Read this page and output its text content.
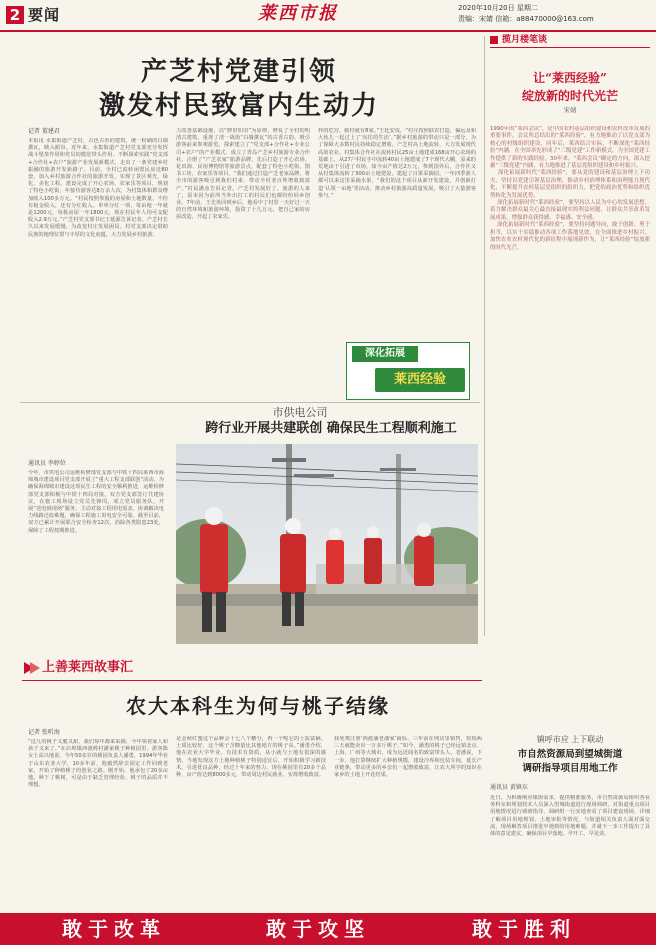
2 要闻	莱西市报	2020年10月20日 星期二
责编：宋婧 信箱：a88470000@163.com
产芝村党建引领
激发村民致富内生动力
记者 董建君
本报讯 水集街道产芝村，古色古香的建筑，统一粉刷的白墙黛瓦，映入眼帘。近年来，水集街道产芝村党支部充分发挥战斗堡垒作用和党员的模范带头作用，不断探索实践“党支部+合作社+农户”旅游产业发展新模式，走出了一条党建乡村振融的旅游开发新路子。目前，全村已流转闲置民房近80套，加入乡村旅游合作社的旅游开发，实现了景区观光、绿化、美化工程。建设完成了开心农场、农家乐等项目，规划了特色小吃街，年接待游客达8万余人次，为村集体和群众增加收入100多万元。“村民按照参股的房屋和土地数量，不但有租金收入，还有分红收入。单单分红一项，每亩地一年就是1200元，每栋房屋一年1800元，现在村民年人均可支配收入2.9万元。”产芝村党支部书记王延源告诉记者。产芝村长久以来发展缓慢，为改变村庄发展困局，村党支部决定借助民族的地理位置与丰厚的文化底蕴，大力发展乡村旅游。
力改善基础设施，以“修旧如旧”为原则，修复了全村的明清古建筑，重现了清一战街“白墙黛瓦”的古香古韵，吸引游客前来参观游览。探索建立了“党支部+合作社+专业公司+农户”的产业模式，成立了青岛产芝乡村旅游专业合作社，注册了“产芝农家”旅游品牌，先后打造了开心农场、花田海、民宿博物馆等旅游景点，配套了特色小吃街、图书工坊、农家乐等项目。“我们通过打造产芝老家品牌，将全市的游客吸引到我们村来，带动全村老百姓增收致富产，”村民潘彦告诉记者。产芝村发展好了，旅游的人来了，原本因为前所当外出打工的村民们也都纷纷回乡创业。7年前，王先英回到乡后，他看中了村里一天好过一天的自然环境和旅游环境，投资了十几万元，把自己家的房屋改造，开起了农家乐。
样的危宫，她村就有8家。”王廷安说，“村庄按照联农打造，偏远及和大伙儿一起过上了‘向往的生活’。”据乡村旅游的带动只是一部分，为了保障大多数村民持续稳定增收，产芝村高土地流转，大力发展现代高效农业。村集体合作社在流转村民25亩土地建成168亩开心农场的基础上，从27户村民手中流转40亩土地建成了7个现代大棚，原来的荒地由于引进了市场，如今亩产值达2万元，参到国外后，合作社又从村集体流转了300亩土地建设，建起了百果采摘园，一年四季游人都可以来这里采摘水果。“我们的这个项目从新开发建设，并创新打造‘认领一亩地’等活动，推动乡村旅游高质量发展，吸引了大量游客参与。”
深化拓展
莱西经验
揽月楼笔谈
让“莱西经验”
绽放新的时代光芒
宋婧
1990年的“莱西会议”，是中国农村基层组织建设和农村改革发展的重要事件，会议所总结出的“莱西经验”，有力地推动了以党支部为核心的村级组织建设，同年后，莱西结合实际，不断深化“莱西经验”内涵，在全国率先形成了“三级党建”工作新模式，为全国党建工作提供了新的实践经验。30年来，“莱西会议”确定的方向，深入挖掘“三级党建”内涵，有力地推进了基层党组织建设和乡村振兴。
深化拓展新时代“莱西经验”，要从党的建设和基层治理上下功夫，坚持以党建引领基层治理，推动乡村治理体系和治理能力现代化，不断提升农村基层党组织的组织力，把党的政治优势和组织优势转化为发展优势。
深化拓展新时代“莱西经验”，要坚持以人民为中心的发展思想，着力解决群众最关心最直接最现实的利益问题，让群众共享改革发展成果，增强群众获得感、幸福感、安全感。
深化拓展新时代“莱西经验”，要坚持问题导向，敢于创新、勇于担当，以实干实绩推动各项工作落地见效，在全面推进乡村振兴、加快农业农村现代化的新征程中展现新作为，让“莱西经验”绽放新的时代光芒。
市供电公司
跨行业开展共建联创 确保民生工程顺利施工
通讯员 李婷位
今年，市供电公司运维检修部党支部与中铁十四局莱西市海绵城市建设项目党支部开展了“重大工程支部联创”活动。为确保海绵城市建设这项民生工程的安全顺利推进，运维检修部党支部积极与中铁十四局对接，双方党支部签订共建协议，在施工现场设立党员先锋岗，成立党员服务队，开展“送电到现场”服务，主动对接工程用电需求，协调解决电力线路迁改难题，确保工程施工用电安全可靠。截至目前，双方已累计开展联合安全检查12次，消除各类隐患23处，保障了工程按期推进。
上善莱西故事汇
农大本科生为何与桃子结缘
记者 张听海
“这几的桃子又脆又甜，我们每年都来采摘，今年领着家人和孩子又来了。”在店埠镇西渡棒村潘家桃子种植园里，游客陈女士高兴地说。今年50多岁的桃园负责人潘勇，1994年毕业于山东农业大学，10多年前，他毅然辞去固定工作回到老家，开始了种植桃子的创业之路。刚开始，他承包了20多亩地，种下了桃树，可是由于缺乏管理经验，桃子的品质并不理想。
是金秋红蜜这个品种会十七八个糖分，再一个呢它的土质富硒、土质比较好，这个桃子含糖量比其他地方的桃子高。”潘勇介绍，他在农业大学毕业，有技术有资质，从小就与土地有很深的感情。当地发现这方土地种植桃子特别适宜后，开始积极学习新技术，引进优良品种，经过十年来的努力，现在桃园里有20多个品种，亩产值达到8000多元，带动周边村民就业，实现增收致富。
我免费注册‘西渡潘老潘家’商标，三年前在网店里销售，短短两三天就能卖出一万多斤桃子。”如今，潘勇的桃子已经远销北京、上海、广州等大城市，成为远近闻名的致富带头人。老潘说，下一步，他打算继续扩大种植规模，建设冷库和包装车间，延长产业链条，带动更多的乡亲们一起增收致富，让农大所学的知识在家乡的土地上开花结果。
镇呼市应 上下联动
市自然资源局到望城街道
调研指导项目用地工作
通讯员 黄镇东
近日，为积极响应镇街需求，提供精准服务，市自然资源局组织各业务科室和规划技术人员深入望城街道进行现场调研，对街道重点项目用地情况进行调研指导。调研组一行实地查看了项目建设现场，详细了解项目用地规划、土地审批等情况，与街道相关负责人面对面交流，现场解答项目推进中遇到的用地难题，并就下一步工作提出了具体的意见建议，确保项目早落地、早开工、早见效。
敢于改革	敢于攻坚	敢于胜利
